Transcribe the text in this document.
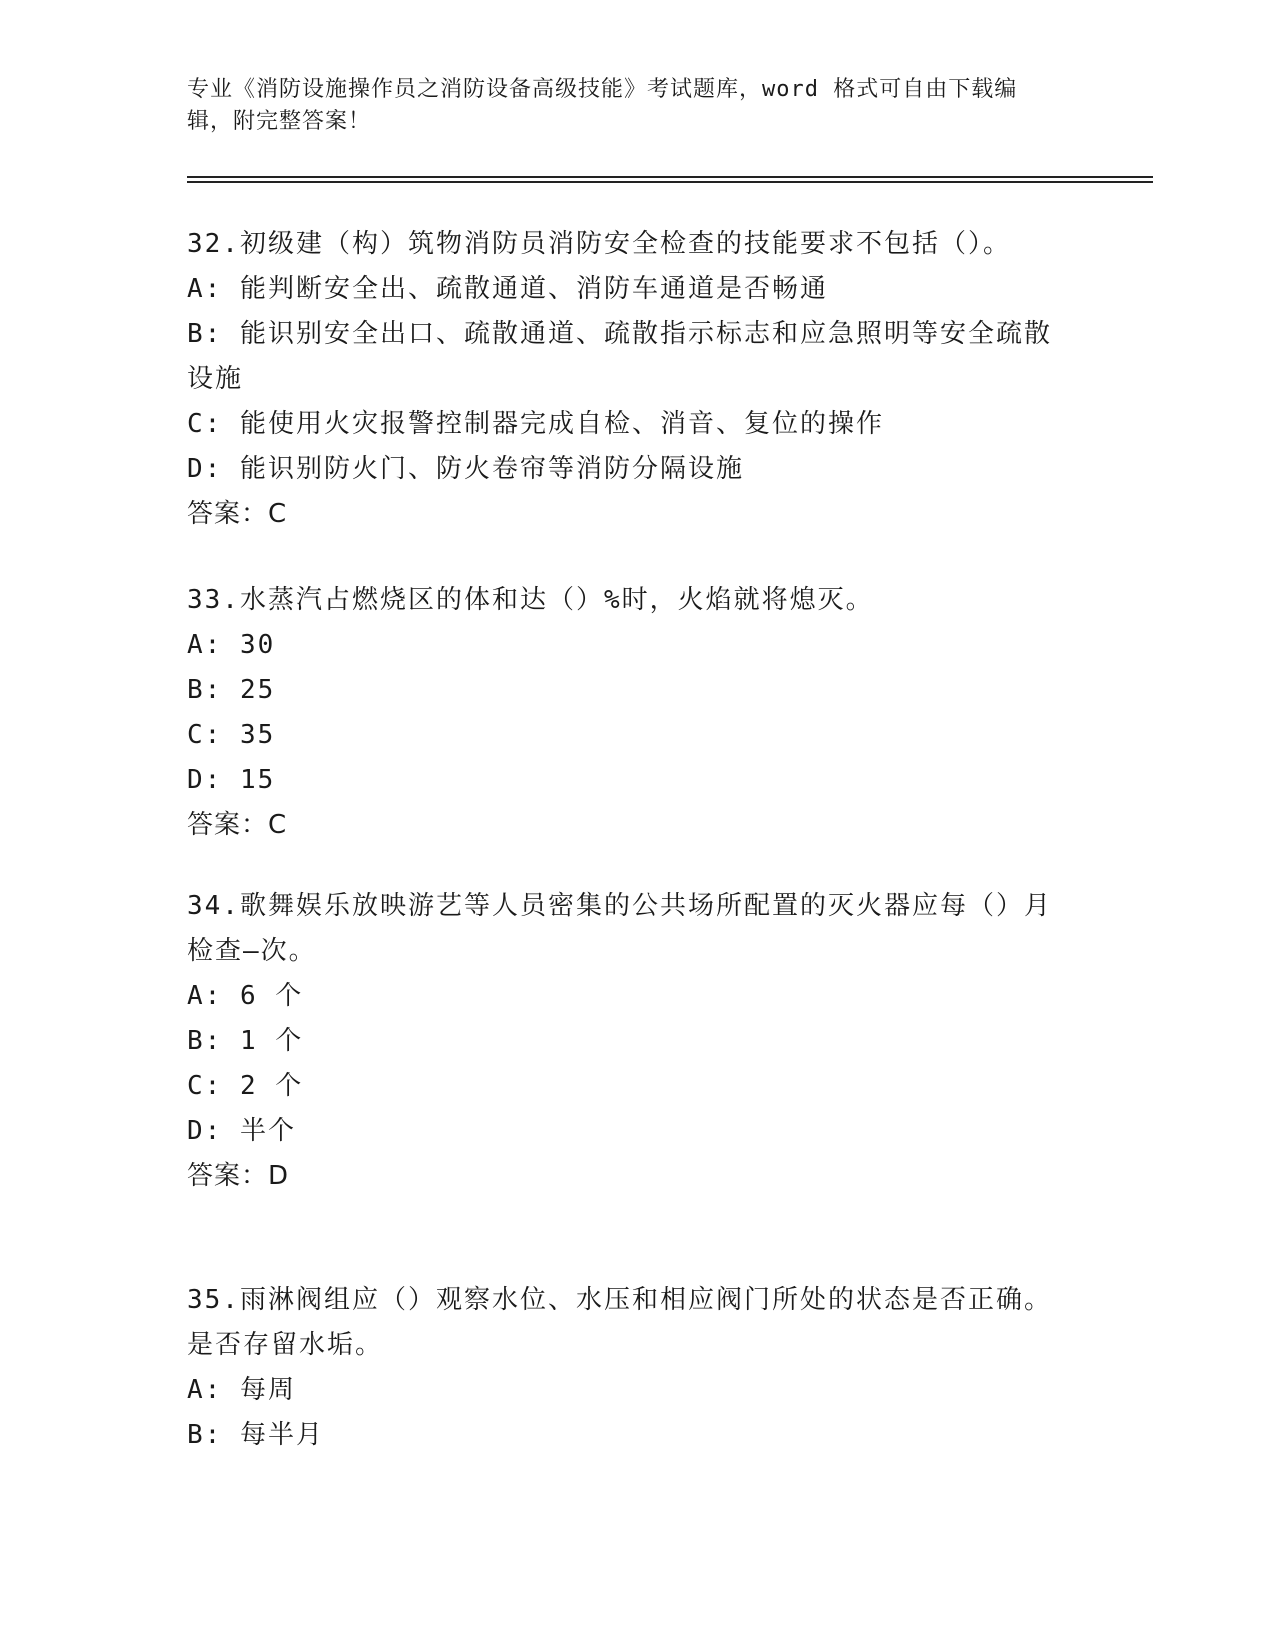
专业《消防设施操作员之消防设备高级技能》考试题库，word 格式可自由下载编
辑，附完整答案！
32.初级建（构）筑物消防员消防安全检查的技能要求不包括（）。
A: 能判断安全出、疏散通道、消防车通道是否畅通
B: 能识别安全出口、疏散通道、疏散指示标志和应急照明等安全疏散
设施
C: 能使用火灾报警控制器完成自检、消音、复位的操作
D: 能识别防火门、防火卷帘等消防分隔设施
答案：C
33.水蒸汽占燃烧区的体和达（）%时，火焰就将熄灭。
A: 30
B: 25
C: 35
D: 15
答案：C
34.歌舞娱乐放映游艺等人员密集的公共场所配置的灭火器应每（）月
检查—次。
A: 6 个
B: 1 个
C: 2 个
D: 半个
答案：D
35.雨淋阀组应（）观察水位、水压和相应阀门所处的状态是否正确。
是否存留水垢。
A: 每周
B: 每半月
